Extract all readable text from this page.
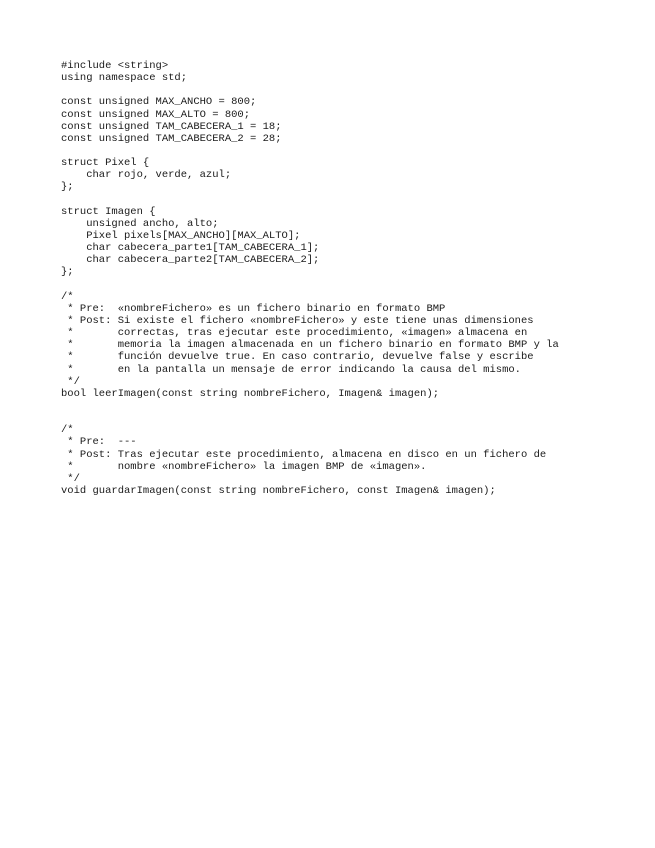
#include <string>
using namespace std;

const unsigned MAX_ANCHO = 800;
const unsigned MAX_ALTO = 800;
const unsigned TAM_CABECERA_1 = 18;
const unsigned TAM_CABECERA_2 = 28;

struct Pixel {
char rojo, verde, azul;
};

struct Imagen {
unsigned ancho, alto;
Pixel pixels[MAX_ANCHO][MAX_ALTO];
char cabecera_parte1[TAM_CABECERA_1];
char cabecera_parte2[TAM_CABECERA_2];
};

/*
* Pre:  «nombreFichero» es un fichero binario en formato BMP
* Post: Si existe el fichero «nombreFichero» y este tiene unas dimensiones
*       correctas, tras ejecutar este procedimiento, «imagen» almacena en
*       memoria la imagen almacenada en un fichero binario en formato BMP y la
*       función devuelve true. En caso contrario, devuelve false y escribe
*       en la pantalla un mensaje de error indicando la causa del mismo.
*/
bool leerImagen(const string nombreFichero, Imagen& imagen);

/*
* Pre:  ---
* Post: Tras ejecutar este procedimiento, almacena en disco en un fichero de
*       nombre «nombreFichero» la imagen BMP de «imagen».
*/
void guardarImagen(const string nombreFichero, const Imagen& imagen);
